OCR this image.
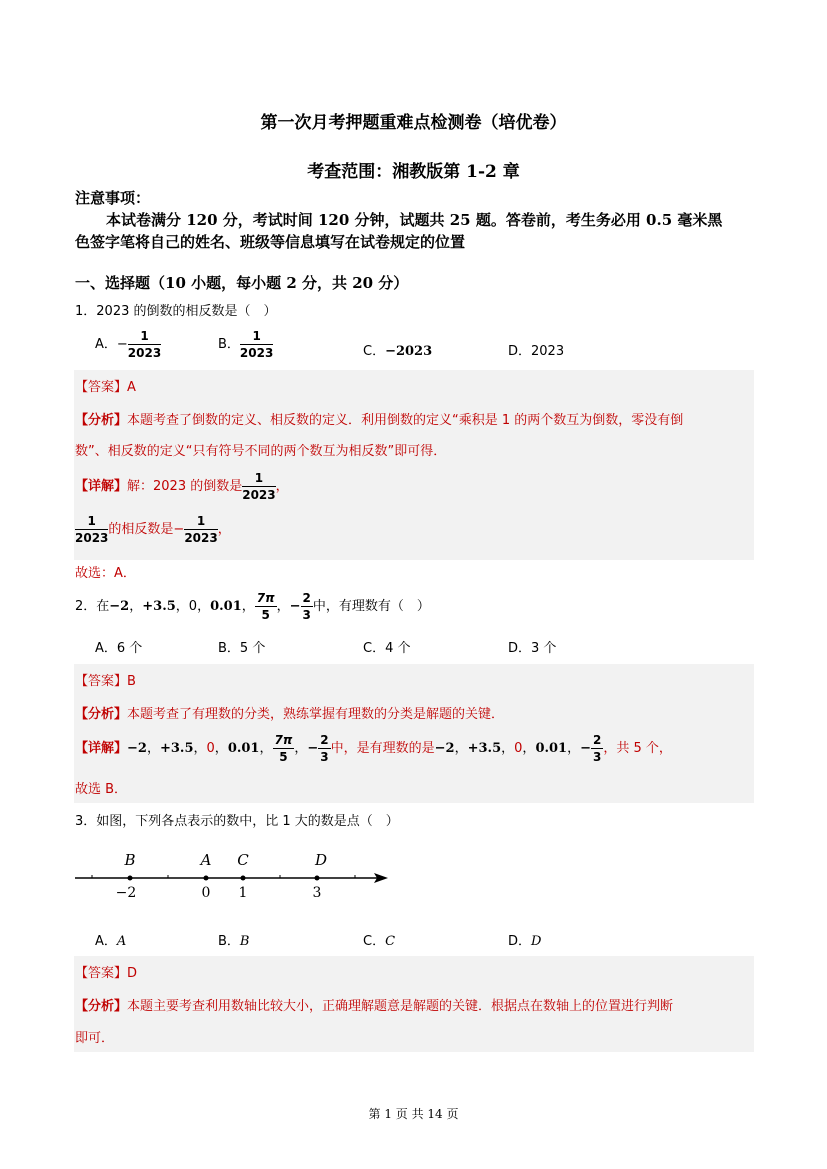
第一次月考押题重难点检测卷（培优卷）
考查范围：湘教版第 1-2 章
注意事项：
本试卷满分 120 分，考试时间 120 分钟，试题共 25 题。答卷前，考生务必用 0.5 毫米黑
色签字笔将自己的姓名、班级等信息填写在试卷规定的位置
一、选择题（10 小题，每小题 2 分，共 20 分）
1．2023 的倒数的相反数是（　）
A．− $\frac{1}{2023}$	B． $\frac{1}{2023}$	C．−2023	D．2023
【答案】A
【分析】本题考查了倒数的定义、相反数的定义．利用倒数的定义“乘积是 1 的两个数互为倒数，零没有倒
数”、相反数的定义“只有符号不同的两个数互为相反数”即可得．
【详解】解：2023 的倒数是 $\frac{1}{2023}$ ，
$\frac{1}{2023}$ 的相反数是− $\frac{1}{2023}$ ，
故选：A．
2．在−2，+3.5，0，0.01， $\frac{7\pi}{5}$ ，− $\frac{2}{3}$ 中，有理数有（　）
A．6 个	B．5 个	C．4 个	D．3 个
【答案】B
【分析】本题考查了有理数的分类，熟练掌握有理数的分类是解题的关键．
【详解】−2，+3.5，0，0.01， $\frac{7\pi}{5}$ ，− $\frac{2}{3}$ 中，是有理数的是−2，+3.5，0，0.01，− $\frac{2}{3}$ ，共 5 个，
故选 B．
3．如图，下列各点表示的数中，比 1 大的数是点（　）
B
−2
A
0
C
1
D
3
A．A	B．B	C．C	D．D
【答案】D
【分析】本题主要考查利用数轴比较大小，正确理解题意是解题的关键．根据点在数轴上的位置进行判断
即可．
第 1 页 共 14 页
